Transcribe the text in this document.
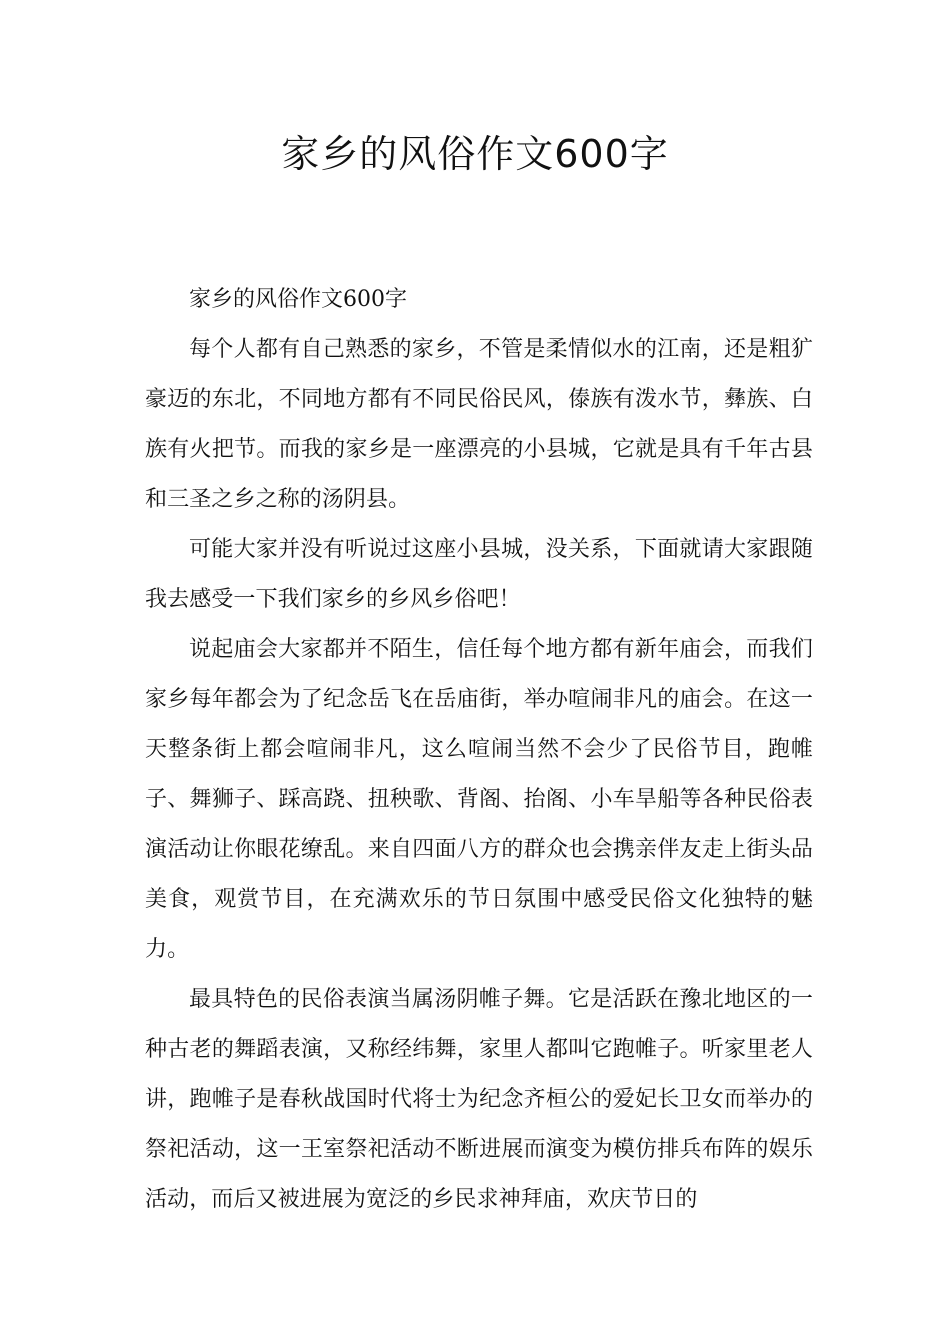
家乡的风俗作文600字

家乡的风俗作文600字

每个人都有自己熟悉的家乡，不管是柔情似水的江南，还是粗犷豪迈的东北，不同地方都有不同民俗民风，傣族有泼水节，彝族、白族有火把节。而我的家乡是一座漂亮的小县城，它就是具有千年古县和三圣之乡之称的汤阴县。

可能大家并没有听说过这座小县城，没关系，下面就请大家跟随我去感受一下我们家乡的乡风乡俗吧！

说起庙会大家都并不陌生，信任每个地方都有新年庙会，而我们家乡每年都会为了纪念岳飞在岳庙街，举办喧闹非凡的庙会。在这一天整条街上都会喧闹非凡，这么喧闹当然不会少了民俗节目，跑帷子、舞狮子、踩高跷、扭秧歌、背阁、抬阁、小车旱船等各种民俗表演活动让你眼花缭乱。来自四面八方的群众也会携亲伴友走上街头品美食，观赏节目，在充满欢乐的节日氛围中感受民俗文化独特的魅力。

最具特色的民俗表演当属汤阴帷子舞。它是活跃在豫北地区的一种古老的舞蹈表演，又称经纬舞，家里人都叫它跑帷子。听家里老人讲，跑帷子是春秋战国时代将士为纪念齐桓公的爱妃长卫女而举办的祭祀活动，这一王室祭祀活动不断进展而演变为模仿排兵布阵的娱乐活动，而后又被进展为宽泛的乡民求神拜庙，欢庆节日的
